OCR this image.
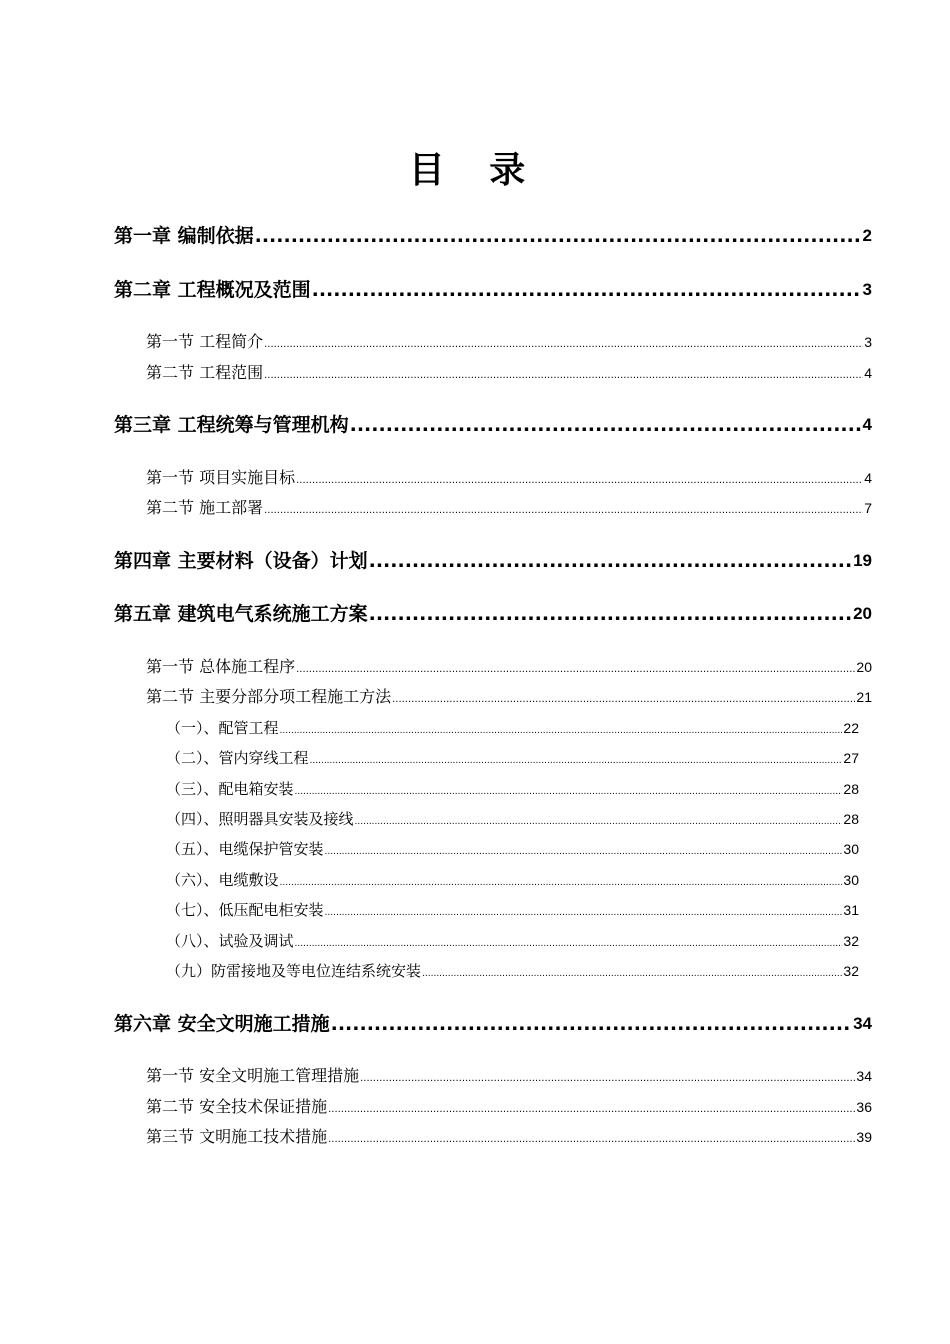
目 录
第一章 编制依据 .....	2
第二章 工程概况及范围 .....	3
第一节 工程简介 .....	3
第二节 工程范围 .....	4
第三章 工程统筹与管理机构 .....	4
第一节 项目实施目标 .....	4
第二节 施工部署 .....	7
第四章 主要材料（设备）计划 .....	19
第五章 建筑电气系统施工方案 .....	20
第一节 总体施工程序 .....	20
第二节 主要分部分项工程施工方法 .....	21
（一）、配管工程 .....	22
（二）、管内穿线工程 .....	27
（三）、配电箱安装 .....	28
（四）、照明器具安装及接线 .....	28
（五）、电缆保护管安装 .....	30
（六）、电缆敷设 .....	30
（七）、低压配电柜安装 .....	31
（八）、试验及调试 .....	32
（九）防雷接地及等电位连结系统安装 .....	32
第六章 安全文明施工措施 .....	34
第一节 安全文明施工管理措施 .....	34
第二节 安全技术保证措施 .....	36
第三节 文明施工技术措施 .....	39
